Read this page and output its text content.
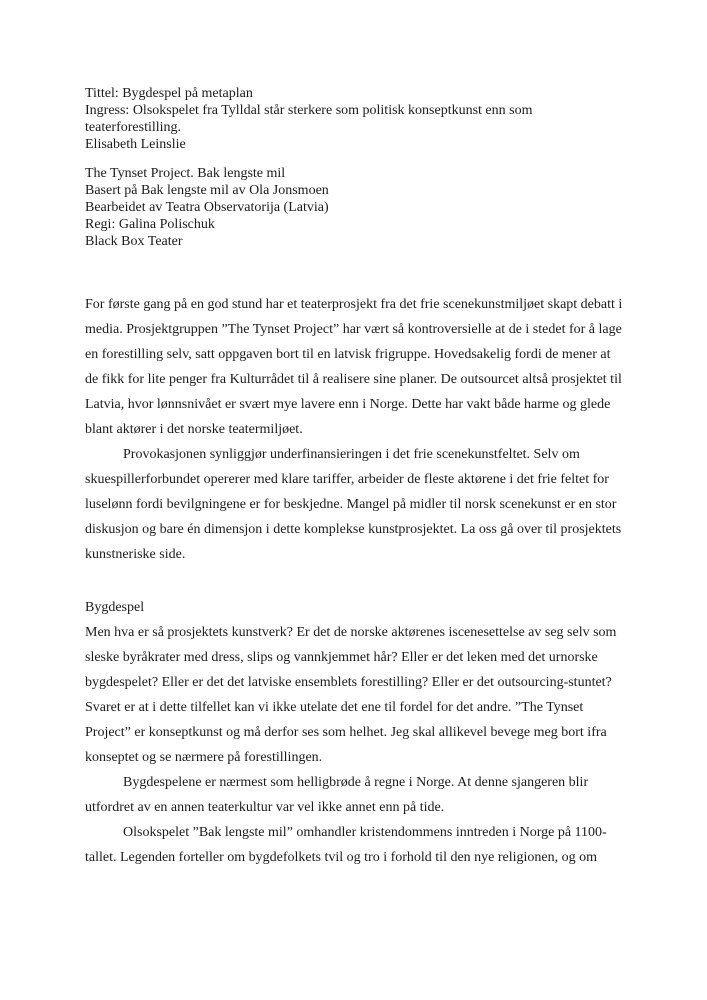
Tittel: Bygdespel på metaplan

Ingress: Olsokspelet fra Tylldal står sterkere som politisk konseptkunst enn som teaterforestilling.

Elisabeth Leinslie

The Tynset Project. Bak lengste mil

Basert på Bak lengste mil av Ola Jonsmoen

Bearbeidet av Teatra Observatorija (Latvia)

Regi: Galina Polischuk

Black Box Teater

For første gang på en god stund har et teaterprosjekt fra det frie scenekunstmiljøet skapt debatt i media. Prosjektgruppen ”The Tynset Project” har vært så kontroversielle at de i stedet for å lage en forestilling selv, satt oppgaven bort til en latvisk frigruppe. Hovedsakelig fordi de mener at de fikk for lite penger fra Kulturrådet til å realisere sine planer. De outsourcet altså prosjektet til Latvia, hvor lønnsnivået er svært mye lavere enn i Norge. Dette har vakt både harme og glede blant aktører i det norske teatermiljøet.

Provokasjonen synliggjør underfinansieringen i det frie scenekunstfeltet. Selv om skuespillerforbundet opererer med klare tariffer, arbeider de fleste aktørene i det frie feltet for luselønn fordi bevilgningene er for beskjedne. Mangel på midler til norsk scenekunst er en stor diskusjon og bare én dimensjon i dette komplekse kunstprosjektet. La oss gå over til prosjektets kunstneriske side.

Bygdespel

Men hva er så prosjektets kunstverk? Er det de norske aktørenes iscenesettelse av seg selv som sleske byråkrater med dress, slips og vannkjemmet hår? Eller er det leken med det urnorske bygdespelet? Eller er det det latviske ensemblets forestilling? Eller er det outsourcing-stuntet? Svaret er at i dette tilfellet kan vi ikke utelate det ene til fordel for det andre. ”The Tynset Project” er konseptkunst og må derfor ses som helhet. Jeg skal allikevel bevege meg bort ifra konseptet og se nærmere på forestillingen.

Bygdespelene er nærmest som helligbrøde å regne i Norge. At denne sjangeren blir utfordret av en annen teaterkultur var vel ikke annet enn på tide.

Olsokspelet ”Bak lengste mil” omhandler kristendommens inntreden i Norge på 1100-tallet. Legenden forteller om bygdefolkets tvil og tro i forhold til den nye religionen, og om
